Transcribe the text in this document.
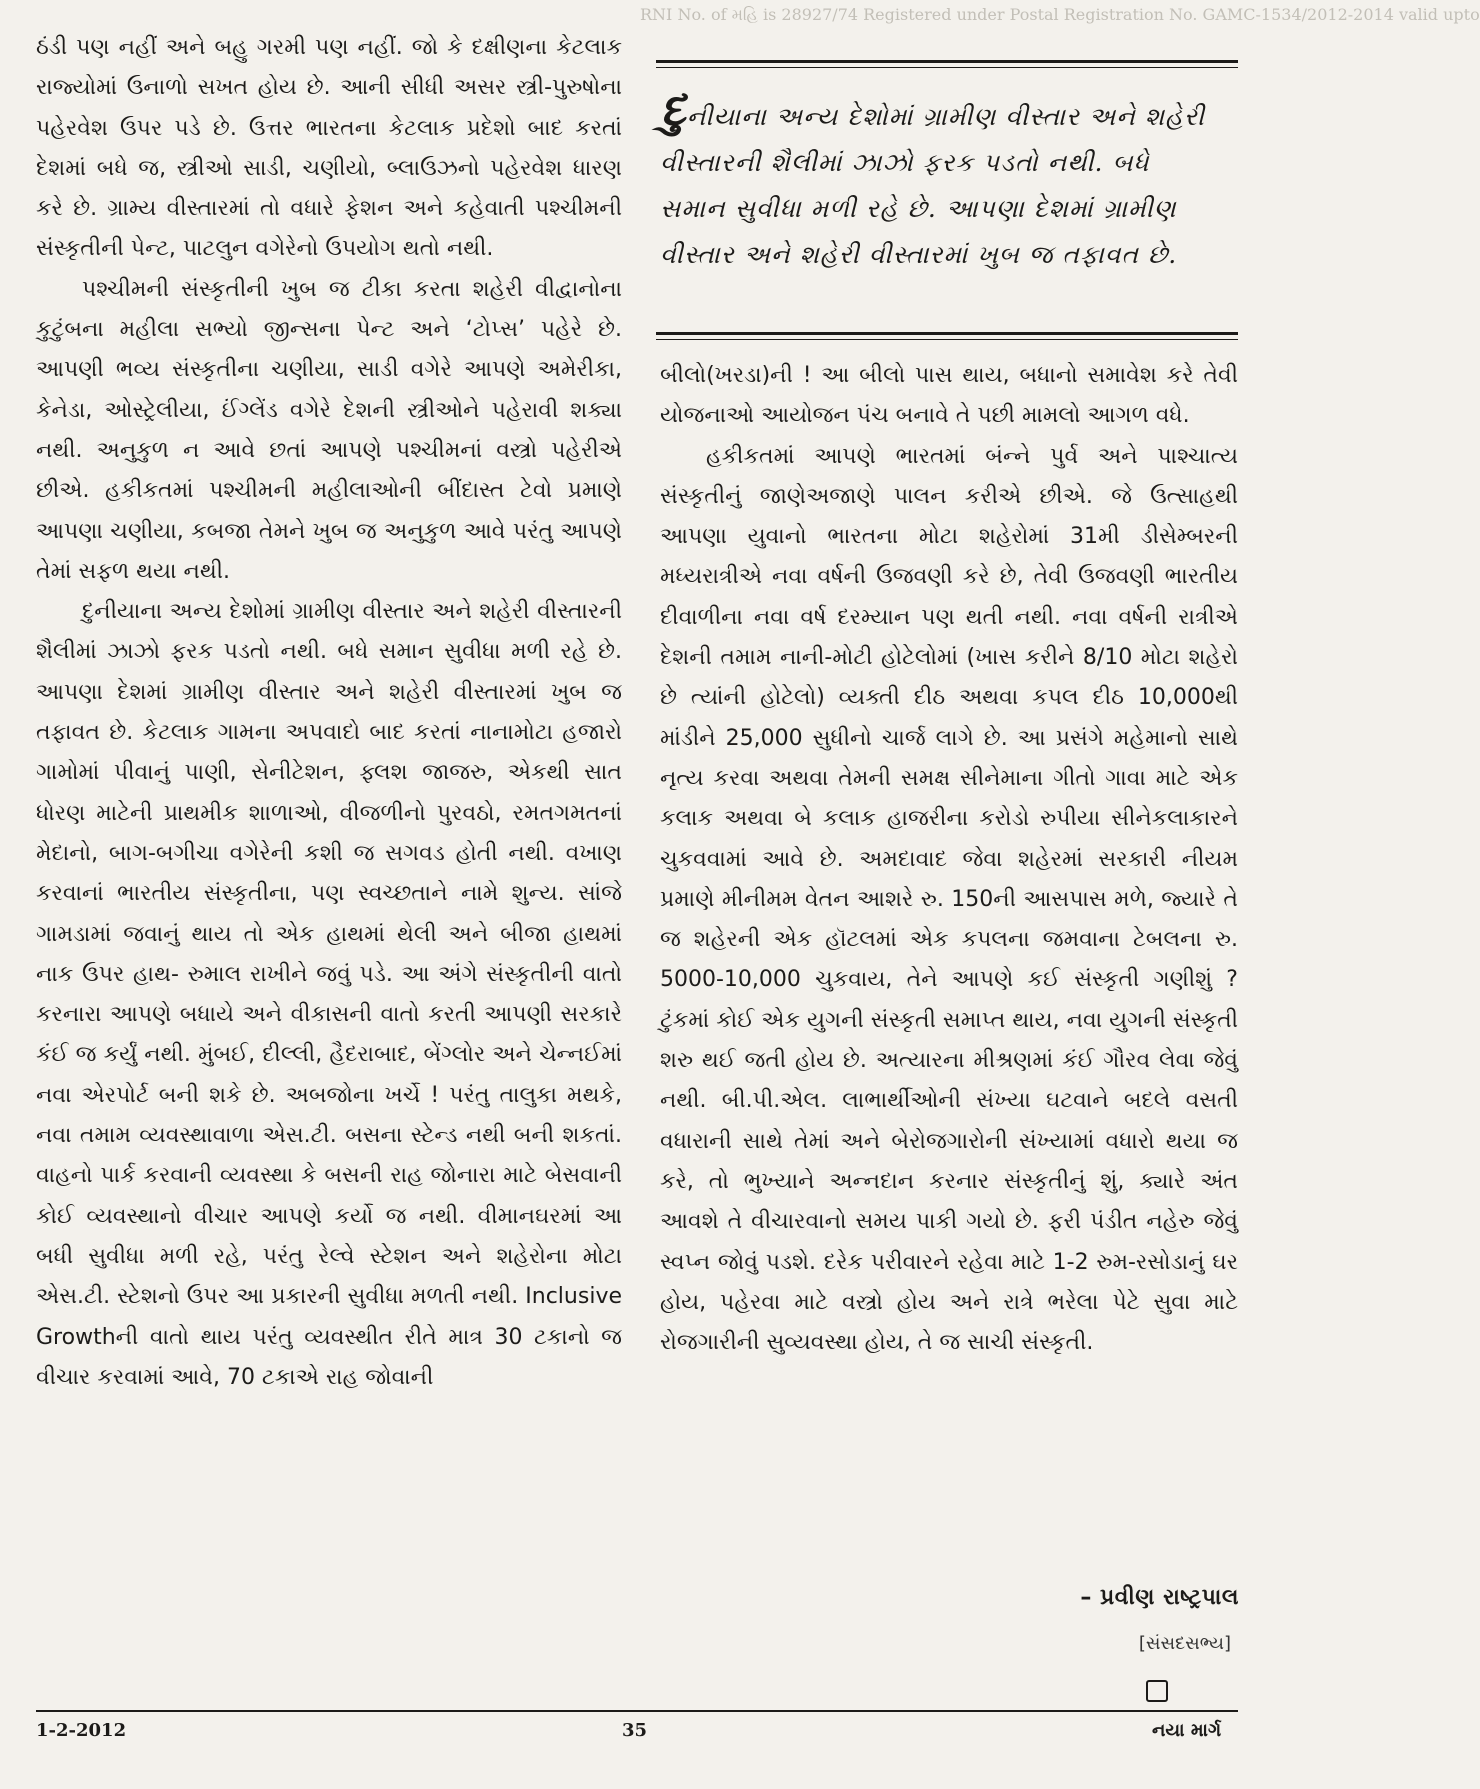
RNI No. of મહિ is 28927/74 Registered under Postal Registration No. GAMC-1534/2012-2014 valid upto

ઠંડી પણ નહીં અને બહુ ગરમી પણ નહીં. જો કે દક્ષીણના કેટલાક રાજ્યોમાં ઉનાળો સખત હોય છે. આની સીધી અસર સ્ત્રી-પુરુષોના પહેરવેશ ઉપર પડે છે. ઉત્તર ભારતના કેટલાક પ્રદેશો બાદ કરતાં દેશમાં બધે જ, સ્ત્રીઓ સાડી, ચણીયો, બ્લાઉઝનો પહેરવેશ ધારણ કરે છે. ગ્રામ્ય વીસ્તારમાં તો વધારે ફેશન અને કહેવાતી પશ્ચીમની સંસ્કૃતીની પેન્ટ, પાટલુન વગેરેનો ઉપયોગ થતો નથી.

પશ્ચીમની સંસ્કૃતીની ખુબ જ ટીકા કરતા શહેરી વીદ્વાનોના કુટુંબના મહીલા સભ્યો જીન્સના પેન્ટ અને ‘ટોપ્સ’ પહેરે છે. આપણી ભવ્ય સંસ્કૃતીના ચણીયા, સાડી વગેરે આપણે અમેરીકા, કેનેડા, ઓસ્ટ્રેલીયા, ઈંગ્લેંડ વગેરે દેશની સ્ત્રીઓને પહેરાવી શક્યા નથી. અનુકુળ ન આવે છતાં આપણે પશ્ચીમનાં વસ્ત્રો પહેરીએ છીએ. હકીકતમાં પશ્ચીમની મહીલાઓની બીંદાસ્ત ટેવો પ્રમાણે આપણા ચણીયા, કબજા તેમને ખુબ જ અનુકુળ આવે પરંતુ આપણે તેમાં સફળ થયા નથી.

દુનીયાના અન્ય દેશોમાં ગ્રામીણ વીસ્તાર અને શહેરી વીસ્તારની શૈલીમાં ઝાઝો ફરક પડતો નથી. બધે સમાન સુવીધા મળી રહે છે. આપણા દેશમાં ગ્રામીણ વીસ્તાર અને શહેરી વીસ્તારમાં ખુબ જ તફાવત છે. કેટલાક ગામના અપવાદો બાદ કરતાં નાનામોટા હજારો ગામોમાં પીવાનું પાણી, સેનીટેશન, ફ્લશ જાજરુ, એકથી સાત ધોરણ માટેની પ્રાથમીક શાળાઓ, વીજળીનો પુરવઠો, રમતગમતનાં મેદાનો, બાગ-બગીચા વગેરેની કશી જ સગવડ હોતી નથી. વખાણ કરવાનાં ભારતીય સંસ્કૃતીના, પણ સ્વચ્છતાને નામે શુન્ય. સાંજે ગામડામાં જવાનું થાય તો એક હાથમાં થેલી અને બીજા હાથમાં નાક ઉપર હાથ- રુમાલ રાખીને જવું પડે. આ અંગે સંસ્કૃતીની વાતો કરનારા આપણે બધાયે અને વીકાસની વાતો કરતી આપણી સરકારે કંઈ જ કર્યું નથી. મુંબઈ, દીલ્લી, હૈદરાબાદ, બેંગ્લોર અને ચેન્નઈમાં નવા એરપોર્ટ બની શકે છે. અબજોના ખર્ચે ! પરંતુ તાલુકા મથકે, નવા તમામ વ્યવસ્થાવાળા એસ.ટી. બસના સ્ટેન્ડ નથી બની શકતાં. વાહનો પાર્ક કરવાની વ્યવસ્થા કે બસની રાહ જોનારા માટે બેસવાની કોઈ વ્યવસ્થાનો વીચાર આપણે કર્યો જ નથી. વીમાનઘરમાં આ બધી સુવીધા મળી રહે, પરંતુ રેલ્વે સ્ટેશન અને શહેરોના મોટા એસ.ટી. સ્ટેશનો ઉપર આ પ્રકારની સુવીધા મળતી નથી. Inclusive Growthની વાતો થાય પરંતુ વ્યવસ્થીત રીતે માત્ર 30 ટકાનો જ વીચાર કરવામાં આવે, 70 ટકાએ રાહ જોવાની

દુનીયાના અન્ય દેશોમાં ગ્રામીણ વીસ્તાર અને શહેરી વીસ્તારની શૈલીમાં ઝાઝો ફરક પડતો નથી. બધે સમાન સુવીધા મળી રહે છે. આપણા દેશમાં ગ્રામીણ વીસ્તાર અને શહેરી વીસ્તારમાં ખુબ જ તફાવત છે.

બીલો(ખરડા)ની ! આ બીલો પાસ થાય, બધાનો સમાવેશ કરે તેવી યોજનાઓ આયોજન પંચ બનાવે તે પછી મામલો આગળ વધે.

હકીકતમાં આપણે ભારતમાં બંન્ને પુર્વ અને પાશ્ચાત્ય સંસ્કૃતીનું જાણેઅજાણે પાલન કરીએ છીએ. જે ઉત્સાહથી આપણા યુવાનો ભારતના મોટા શહેરોમાં 31મી ડીસેમ્બરની મધ્યરાત્રીએ નવા વર્ષની ઉજવણી કરે છે, તેવી ઉજવણી ભારતીય દીવાળીના નવા વર્ષ દરમ્યાન પણ થતી નથી. નવા વર્ષની રાત્રીએ દેશની તમામ નાની-મોટી હોટેલોમાં (ખાસ કરીને 8/10 મોટા શહેરો છે ત્યાંની હોટેલો) વ્યક્તી દીઠ અથવા કપલ દીઠ 10,000થી માંડીને 25,000 સુધીનો ચાર્જ લાગે છે. આ પ્રસંગે મહેમાનો સાથે નૃત્ય કરવા અથવા તેમની સમક્ષ સીનેમાના ગીતો ગાવા માટે એક કલાક અથવા બે કલાક હાજરીના કરોડો રુપીયા સીનેકલાકારને ચુકવવામાં આવે છે. અમદાવાદ જેવા શહેરમાં સરકારી નીયમ પ્રમાણે મીનીમમ વેતન આશરે રુ. 150ની આસપાસ મળે, જ્યારે તે જ શહેરની એક હૉટલમાં એક કપલના જમવાના ટેબલના રુ. 5000-10,000 ચુકવાય, તેને આપણે કઈ સંસ્કૃતી ગણીશું ? ટુંકમાં કોઈ એક યુગની સંસ્કૃતી સમાપ્ત થાય, નવા યુગની સંસ્કૃતી શરુ થઈ જતી હોય છે. અત્યારના મીશ્રણમાં કંઈ ગૌરવ લેવા જેવું નથી. બી.પી.એલ. લાભાર્થીઓની સંખ્યા ઘટવાને બદલે વસતી વધારાની સાથે તેમાં અને બેરોજગારોની સંખ્યામાં વધારો થયા જ કરે, તો ભુખ્યાને અન્નદાન કરનાર સંસ્કૃતીનું શું, ક્યારે અંત આવશે તે વીચારવાનો સમય પાકી ગયો છે. ફરી પંડીત નહેરુ જેવું સ્વપ્ન જોવું પડશે. દરેક પરીવારને રહેવા માટે 1-2 રુમ-રસોડાનું ઘર હોય, પહેરવા માટે વસ્ત્રો હોય અને રાત્રે ભરેલા પેટે સુવા માટે રોજગારીની સુવ્યવસ્થા હોય, તે જ સાચી સંસ્કૃતી.

– પ્રવીણ રાષ્ટ્રપાલ
[સંસદસભ્ય]
1-2-2012	35	નયા માર્ગ
